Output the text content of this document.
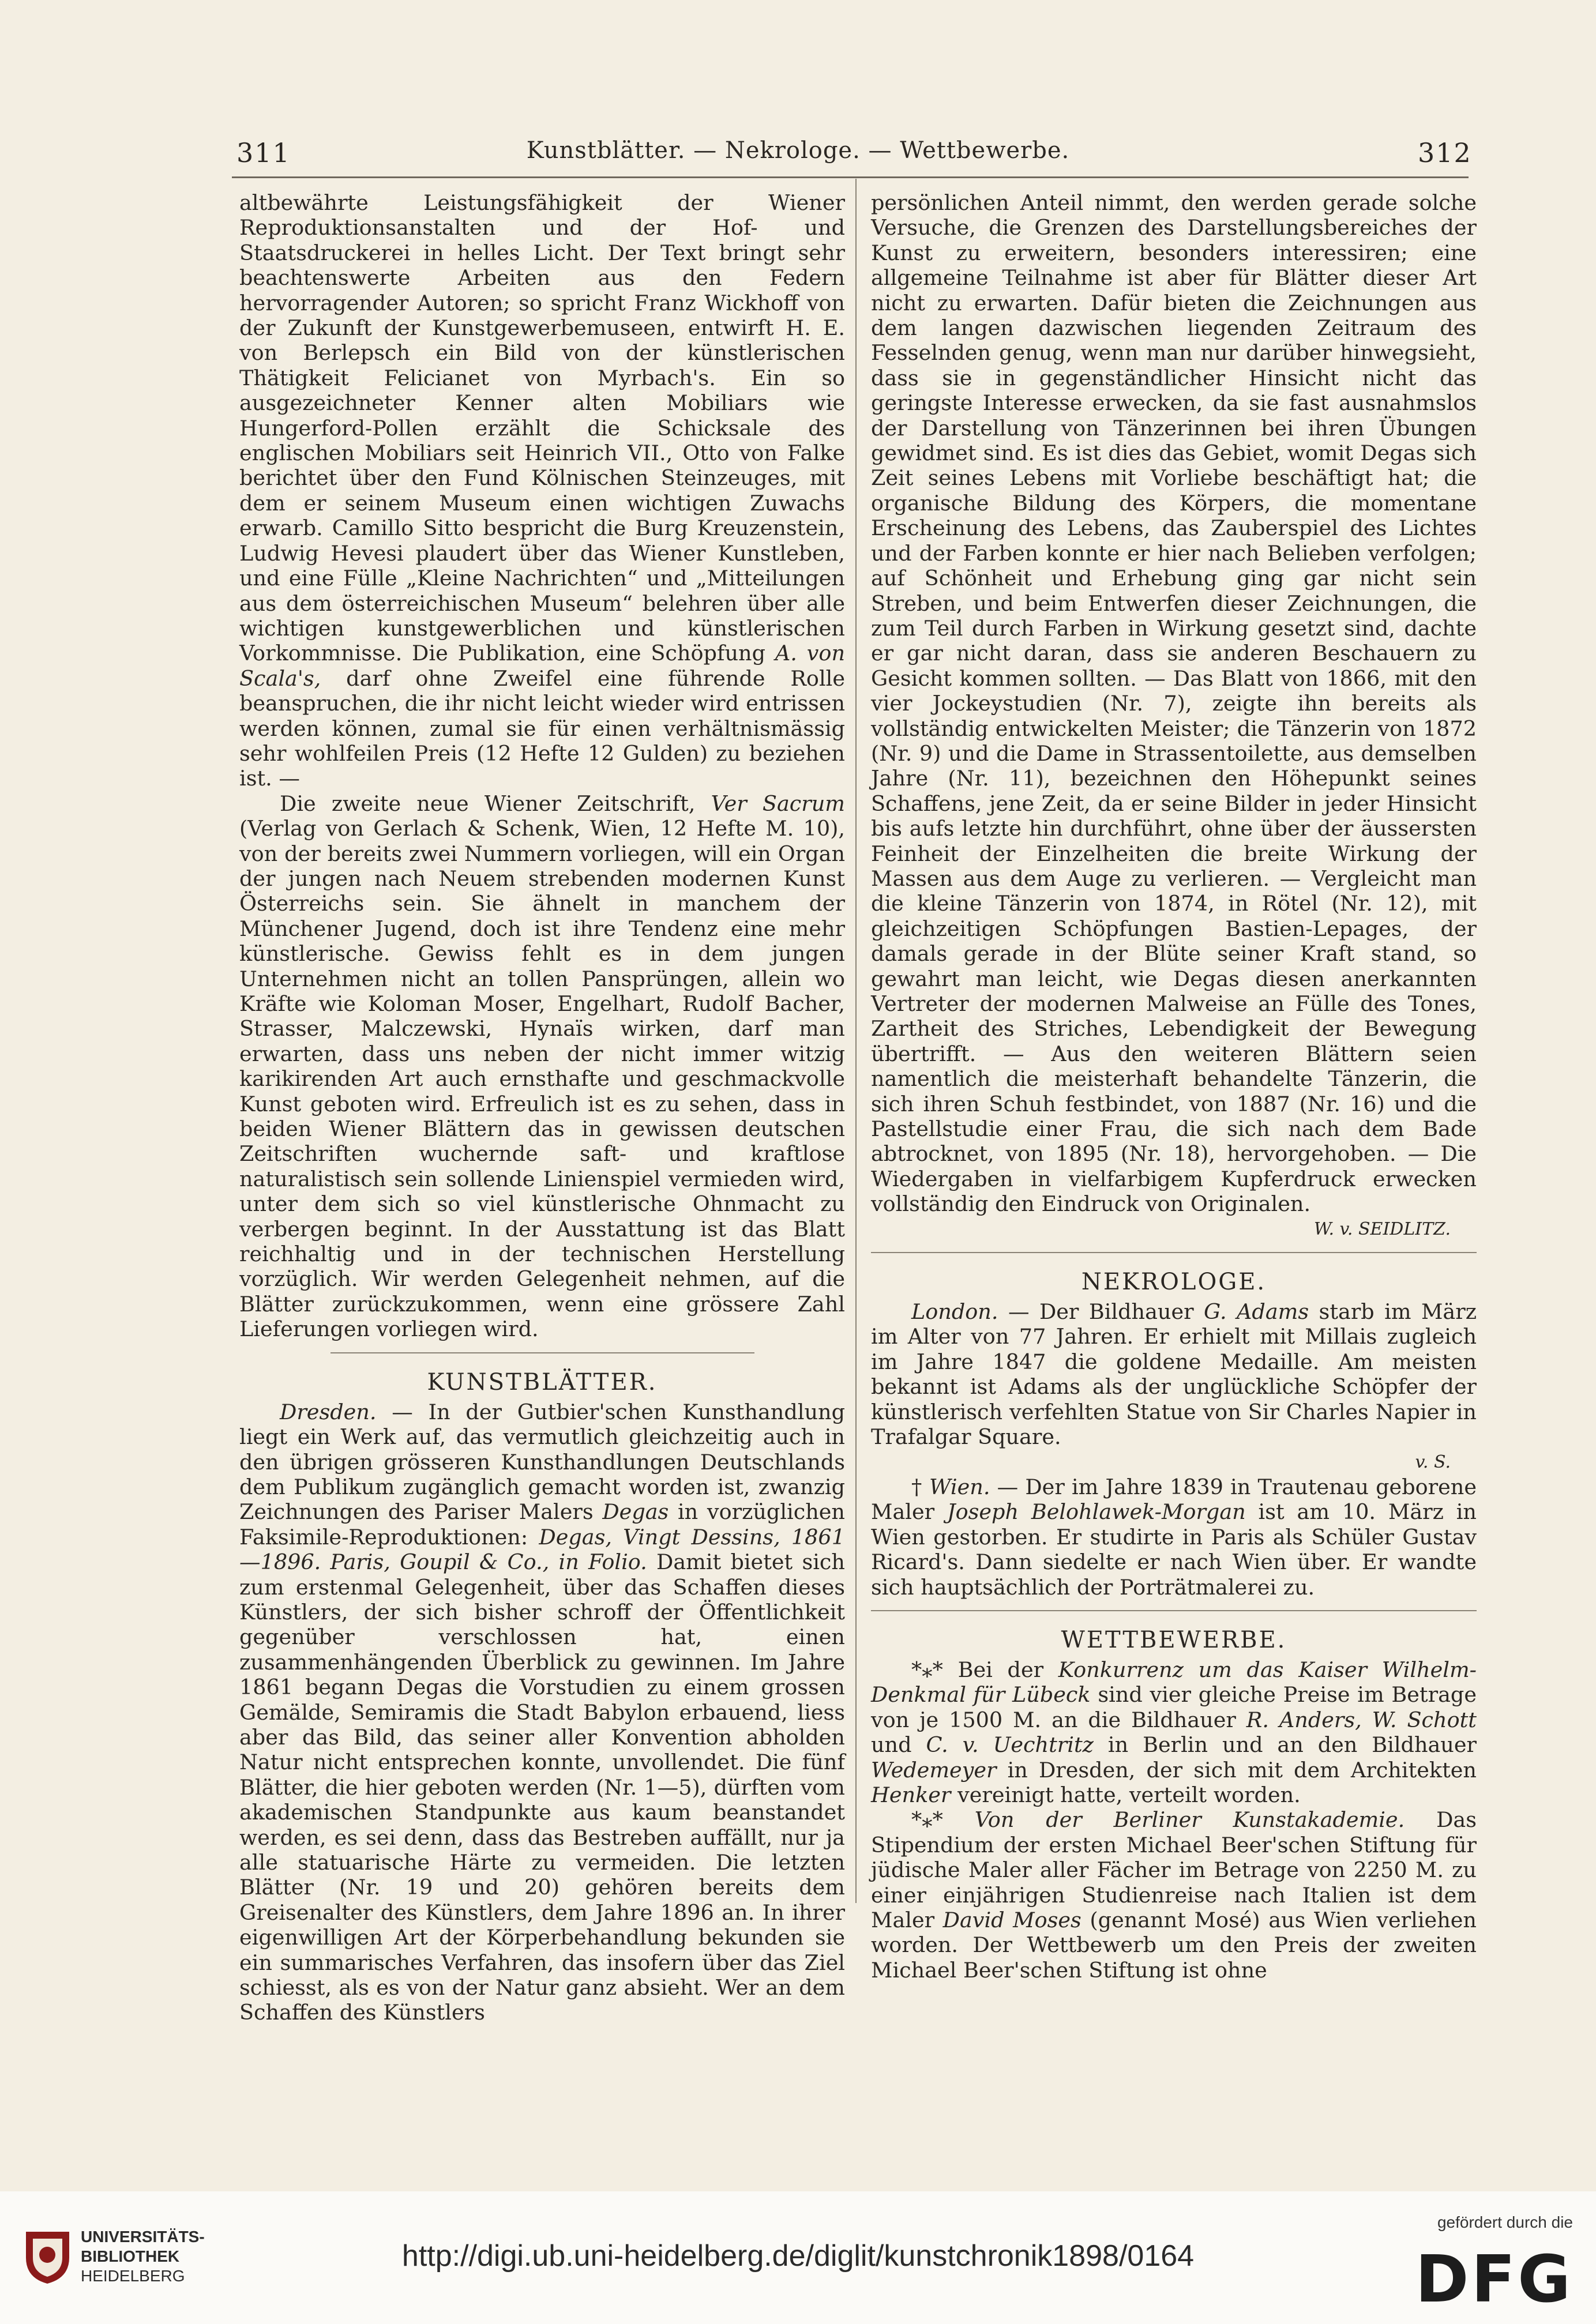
311	Kunstblätter. — Nekrologe. — Wettbewerbe.	312

altbewährte Leistungsfähigkeit der Wiener Reproduktionsanstalten und der Hof- und Staatsdruckerei in helles Licht. Der Text bringt sehr beachtenswerte Arbeiten aus den Federn hervorragender Autoren; so spricht Franz Wickhoff von der Zukunft der Kunstgewerbemuseen, entwirft H. E. von Berlepsch ein Bild von der künstlerischen Thätigkeit Felicianet von Myrbach's. Ein so ausgezeichneter Kenner alten Mobiliars wie Hungerford-Pollen erzählt die Schicksale des englischen Mobiliars seit Heinrich VII., Otto von Falke berichtet über den Fund Kölnischen Steinzeuges, mit dem er seinem Museum einen wichtigen Zuwachs erwarb. Camillo Sitto bespricht die Burg Kreuzenstein, Ludwig Hevesi plaudert über das Wiener Kunstleben, und eine Fülle „Kleine Nachrichten“ und „Mitteilungen aus dem österreichischen Museum“ belehren über alle wichtigen kunstgewerblichen und künstlerischen Vorkommnisse. Die Publikation, eine Schöpfung A. von Scala's, darf ohne Zweifel eine führende Rolle beanspruchen, die ihr nicht leicht wieder wird entrissen werden können, zumal sie für einen verhältnismässig sehr wohlfeilen Preis (12 Hefte 12 Gulden) zu beziehen ist. —

Die zweite neue Wiener Zeitschrift, Ver Sacrum (Verlag von Gerlach & Schenk, Wien, 12 Hefte M. 10), von der bereits zwei Nummern vorliegen, will ein Organ der jungen nach Neuem strebenden modernen Kunst Österreichs sein. Sie ähnelt in manchem der Münchener Jugend, doch ist ihre Tendenz eine mehr künstlerische. Gewiss fehlt es in dem jungen Unternehmen nicht an tollen Pansprüngen, allein wo Kräfte wie Koloman Moser, Engelhart, Rudolf Bacher, Strasser, Malczewski, Hynaïs wirken, darf man erwarten, dass uns neben der nicht immer witzig karikirenden Art auch ernsthafte und geschmackvolle Kunst geboten wird. Erfreulich ist es zu sehen, dass in beiden Wiener Blättern das in gewissen deutschen Zeitschriften wuchernde saft- und kraftlose naturalistisch sein sollende Linienspiel vermieden wird, unter dem sich so viel künstlerische Ohnmacht zu verbergen beginnt. In der Ausstattung ist das Blatt reichhaltig und in der technischen Herstellung vorzüglich. Wir werden Gelegenheit nehmen, auf die Blätter zurückzukommen, wenn eine grössere Zahl Lieferungen vorliegen wird.

KUNSTBLÄTTER.

Dresden. — In der Gutbier'schen Kunsthandlung liegt ein Werk auf, das vermutlich gleichzeitig auch in den übrigen grösseren Kunsthandlungen Deutschlands dem Publikum zugänglich gemacht worden ist, zwanzig Zeichnungen des Pariser Malers Degas in vorzüglichen Faksimile-Reproduktionen: Degas, Vingt Dessins, 1861—1896. Paris, Goupil & Co., in Folio. Damit bietet sich zum erstenmal Gelegenheit, über das Schaffen dieses Künstlers, der sich bisher schroff der Öffentlichkeit gegenüber verschlossen hat, einen zusammenhängenden Überblick zu gewinnen. Im Jahre 1861 begann Degas die Vorstudien zu einem grossen Gemälde, Semiramis die Stadt Babylon erbauend, liess aber das Bild, das seiner aller Konvention abholden Natur nicht entsprechen konnte, unvollendet. Die fünf Blätter, die hier geboten werden (Nr. 1—5), dürften vom akademischen Standpunkte aus kaum beanstandet werden, es sei denn, dass das Bestreben auffällt, nur ja alle statuarische Härte zu vermeiden. Die letzten Blätter (Nr. 19 und 20) gehören bereits dem Greisenalter des Künstlers, dem Jahre 1896 an. In ihrer eigenwilligen Art der Körperbehandlung bekunden sie ein summarisches Verfahren, das insofern über das Ziel schiesst, als es von der Natur ganz absieht. Wer an dem Schaffen des Künstlers

persönlichen Anteil nimmt, den werden gerade solche Versuche, die Grenzen des Darstellungsbereiches der Kunst zu erweitern, besonders interessiren; eine allgemeine Teilnahme ist aber für Blätter dieser Art nicht zu erwarten. Dafür bieten die Zeichnungen aus dem langen dazwischen liegenden Zeitraum des Fesselnden genug, wenn man nur darüber hinwegsieht, dass sie in gegenständlicher Hinsicht nicht das geringste Interesse erwecken, da sie fast ausnahmslos der Darstellung von Tänzerinnen bei ihren Übungen gewidmet sind. Es ist dies das Gebiet, womit Degas sich Zeit seines Lebens mit Vorliebe beschäftigt hat; die organische Bildung des Körpers, die momentane Erscheinung des Lebens, das Zauberspiel des Lichtes und der Farben konnte er hier nach Belieben verfolgen; auf Schönheit und Erhebung ging gar nicht sein Streben, und beim Entwerfen dieser Zeichnungen, die zum Teil durch Farben in Wirkung gesetzt sind, dachte er gar nicht daran, dass sie anderen Beschauern zu Gesicht kommen sollten. — Das Blatt von 1866, mit den vier Jockeystudien (Nr. 7), zeigte ihn bereits als vollständig entwickelten Meister; die Tänzerin von 1872 (Nr. 9) und die Dame in Strassentoilette, aus demselben Jahre (Nr. 11), bezeichnen den Höhepunkt seines Schaffens, jene Zeit, da er seine Bilder in jeder Hinsicht bis aufs letzte hin durchführt, ohne über der äussersten Feinheit der Einzelheiten die breite Wirkung der Massen aus dem Auge zu verlieren. — Vergleicht man die kleine Tänzerin von 1874, in Rötel (Nr. 12), mit gleichzeitigen Schöpfungen Bastien-Lepages, der damals gerade in der Blüte seiner Kraft stand, so gewahrt man leicht, wie Degas diesen anerkannten Vertreter der modernen Malweise an Fülle des Tones, Zartheit des Striches, Lebendigkeit der Bewegung übertrifft. — Aus den weiteren Blättern seien namentlich die meisterhaft behandelte Tänzerin, die sich ihren Schuh festbindet, von 1887 (Nr. 16) und die Pastellstudie einer Frau, die sich nach dem Bade abtrocknet, von 1895 (Nr. 18), hervorgehoben. — Die Wiedergaben in vielfarbigem Kupferdruck erwecken vollständig den Eindruck von Originalen.

W. v. SEIDLITZ.

NEKROLOGE.

London. — Der Bildhauer G. Adams starb im März im Alter von 77 Jahren. Er erhielt mit Millais zugleich im Jahre 1847 die goldene Medaille. Am meisten bekannt ist Adams als der unglückliche Schöpfer der künstlerisch verfehlten Statue von Sir Charles Napier in Trafalgar Square.

v. S.

† Wien. — Der im Jahre 1839 in Trautenau geborene Maler Joseph Belohlawek-Morgan ist am 10. März in Wien gestorben. Er studirte in Paris als Schüler Gustav Ricard's. Dann siedelte er nach Wien über. Er wandte sich hauptsächlich der Porträtmalerei zu.

WETTBEWERBE.

*⁎* Bei der Konkurrenz um das Kaiser Wilhelm-Denkmal für Lübeck sind vier gleiche Preise im Betrage von je 1500 M. an die Bildhauer R. Anders, W. Schott und C. v. Uechtritz in Berlin und an den Bildhauer Wedemeyer in Dresden, der sich mit dem Architekten Henker vereinigt hatte, verteilt worden.

*⁎* Von der Berliner Kunstakademie. Das Stipendium der ersten Michael Beer'schen Stiftung für jüdische Maler aller Fächer im Betrage von 2250 M. zu einer einjährigen Studienreise nach Italien ist dem Maler David Moses (genannt Mosé) aus Wien verliehen worden. Der Wettbewerb um den Preis der zweiten Michael Beer'schen Stiftung ist ohne

UNIVERSITÄTS-
BIBLIOTHEK
HEIDELBERG
http://digi.ub.uni-heidelberg.de/diglit/kunstchronik1898/0164
gefördert durch die
DFG
